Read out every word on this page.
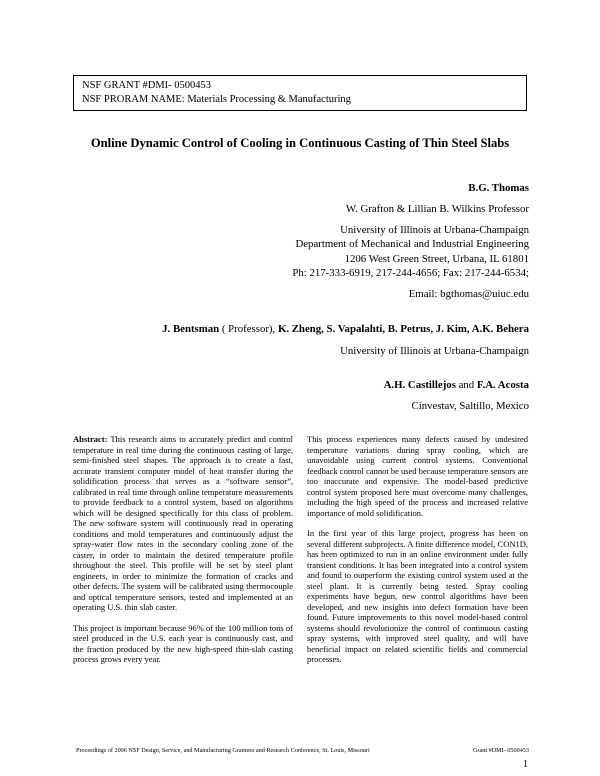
NSF GRANT #DMI- 0500453
NSF PRORAM NAME: Materials Processing & Manufacturing
Online Dynamic Control of Cooling in Continuous Casting of Thin Steel Slabs
B.G. Thomas
W. Grafton & Lillian B. Wilkins Professor
University of Illinois at Urbana-Champaign
Department of Mechanical and Industrial Engineering
1206 West Green Street, Urbana, IL 61801
Ph: 217-333-6919, 217-244-4656; Fax: 217-244-6534;
Email: bgthomas@uiuc.edu
J. Bentsman ( Professor), K. Zheng, S. Vapalahti, B. Petrus, J. Kim, A.K. Behera
University of Illinois at Urbana-Champaign
A.H. Castillejos and F.A. Acosta
Cinvestav, Saltillo, Mexico

Abstract: This research aims to accurately predict and control temperature in real time during the continuous casting of large, semi-finished steel shapes. The approach is to create a fast, accurate transient computer model of heat transfer during the solidification process that serves as a “software sensor”, calibrated in real time through online temperature measurements to provide feedback to a control system, based on algorithms which will be designed specifically for this class of problem. The new software system will continuously read in operating conditions and mold temperatures and continuously adjust the spray-water flow rates in the secondary cooling zone of the caster, in order to maintain the desired temperature profile throughout the steel. This profile will be set by steel plant engineers, in order to minimize the formation of cracks and other defects. The system will be calibrated using thermocouple and optical temperature sensors, tested and implemented at an operating U.S. thin slab caster.

This project is important because 96% of the 100 million tons of steel produced in the U.S. each year is continuously cast, and the fraction produced by the new high-speed thin-slab casting process grows every year.

This process experiences many defects caused by undesired temperature variations during spray cooling, which are unavoidable using current control systems. Conventional feedback control cannot be used because temperature sensors are too inaccurate and expensive. The model-based predictive control system proposed here must overcome many challenges, including the high speed of the process and increased relative importance of mold solidification.

In the first year of this large project, progress has been on several different subprojects. A finite difference model, CON1D, has been optimized to run in an online environment under fully transient conditions. It has been integrated into a control system and found to outperform the existing control system used at the steel plant. It is currently being tested. Spray cooling experiments have begun, new control algorithms have been developed, and new insights into defect formation have been found. Future improvements to this novel model-based control systems should revolutionize the control of continuous casting spray systems, with improved steel quality, and will have beneficial impact on related scientific fields and commercial processes.

Proceedings of 2006 NSF Design, Service, and Manufacturing Grantees and Research Conference, St. Louis, Missouri	Grant #DMI- 0500453
1
